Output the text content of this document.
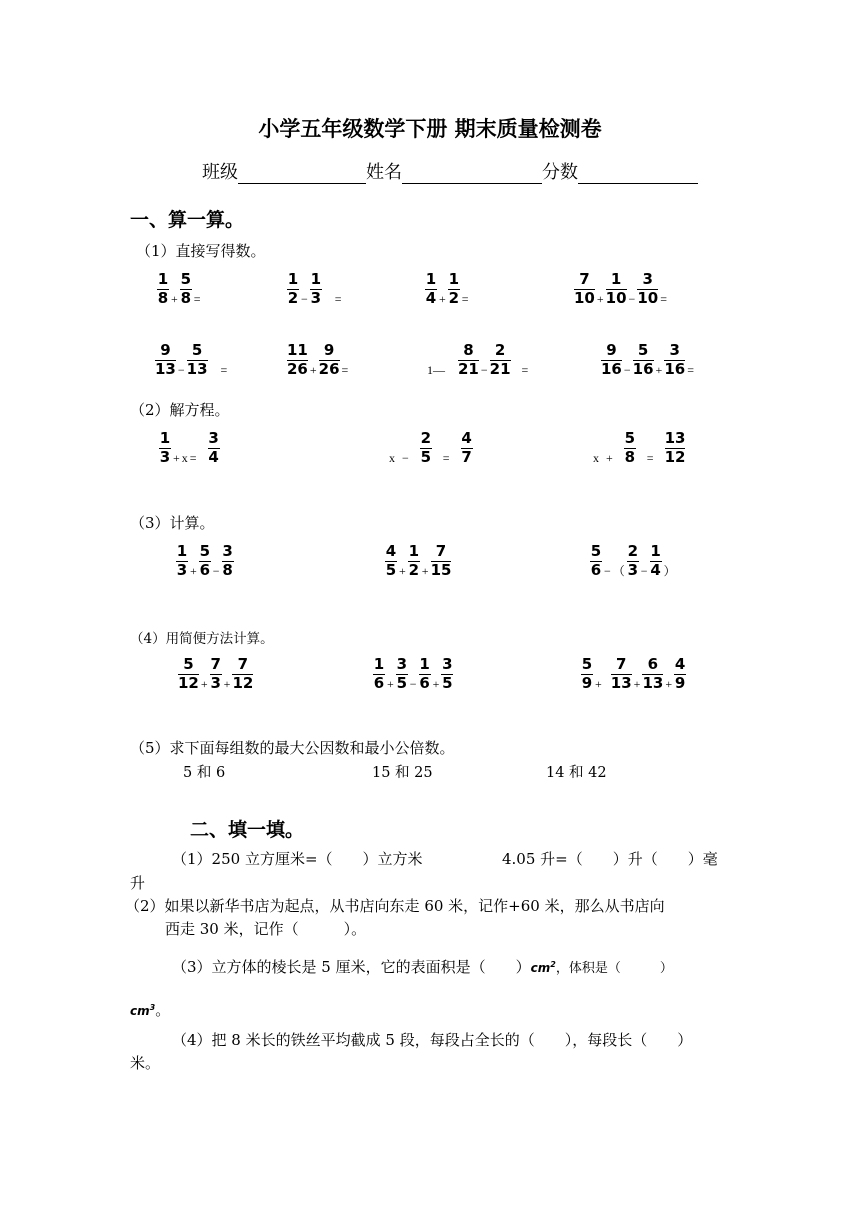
小学五年级数学下册 期末质量检测卷
班级	姓名	分数
一、算一算。
（1）直接写得数。
$\frac{1}{8} + \frac{5}{8}$ =	$\frac{1}{2} - \frac{1}{3}$	=	$\frac{1}{4} + \frac{1}{2}$ =	$\frac{7}{10} + \frac{1}{10} - \frac{3}{10}$ =
$\frac{9}{13} - \frac{5}{13}$	=	$\frac{11}{26} + \frac{9}{26}$ =	1— $\frac{8}{21} - \frac{2}{21}$ =	$\frac{9}{16} - \frac{5}{16} + \frac{3}{16}$ =
（2）解方程。
$\frac{1}{3} + x = \frac{3}{4}$	$x - \frac{2}{5} = \frac{4}{7}$	$x + \frac{5}{8} = \frac{13}{12}$
（3）计算。
$\frac{1}{3} + \frac{5}{6} - \frac{3}{8}$	$\frac{4}{5} + \frac{1}{2} + \frac{7}{15}$	$\frac{5}{6}$ − （ $\frac{2}{3} - \frac{1}{4}$ ）
（4）用简便方法计算。
$\frac{5}{12} + \frac{7}{3} + \frac{7}{12}$	$\frac{1}{6} + \frac{3}{5} - \frac{1}{6} + \frac{3}{5}$	$\frac{5}{9} + \frac{7}{13} + \frac{6}{13} + \frac{4}{9}$
（5）求下面每组数的最大公因数和最小公倍数。
5 和 6	15 和 25	14 和 42
二、填一填。
（1）250 立方厘米=（　　）立方米	4.05 升=（　　）升（　　）毫
升
（2）如果以新华书店为起点，从书店向东走 60 米，记作+60 米，那么从书店向
西走 30 米，记作（　　　）。
（3）立方体的棱长是 5 厘米，它的表面积是（　　）$cm^2$，体积是（　　　）
$cm^3$。
（4）把 8 米长的铁丝平均截成 5 段，每段占全长的（　　），每段长（　　）
米。
